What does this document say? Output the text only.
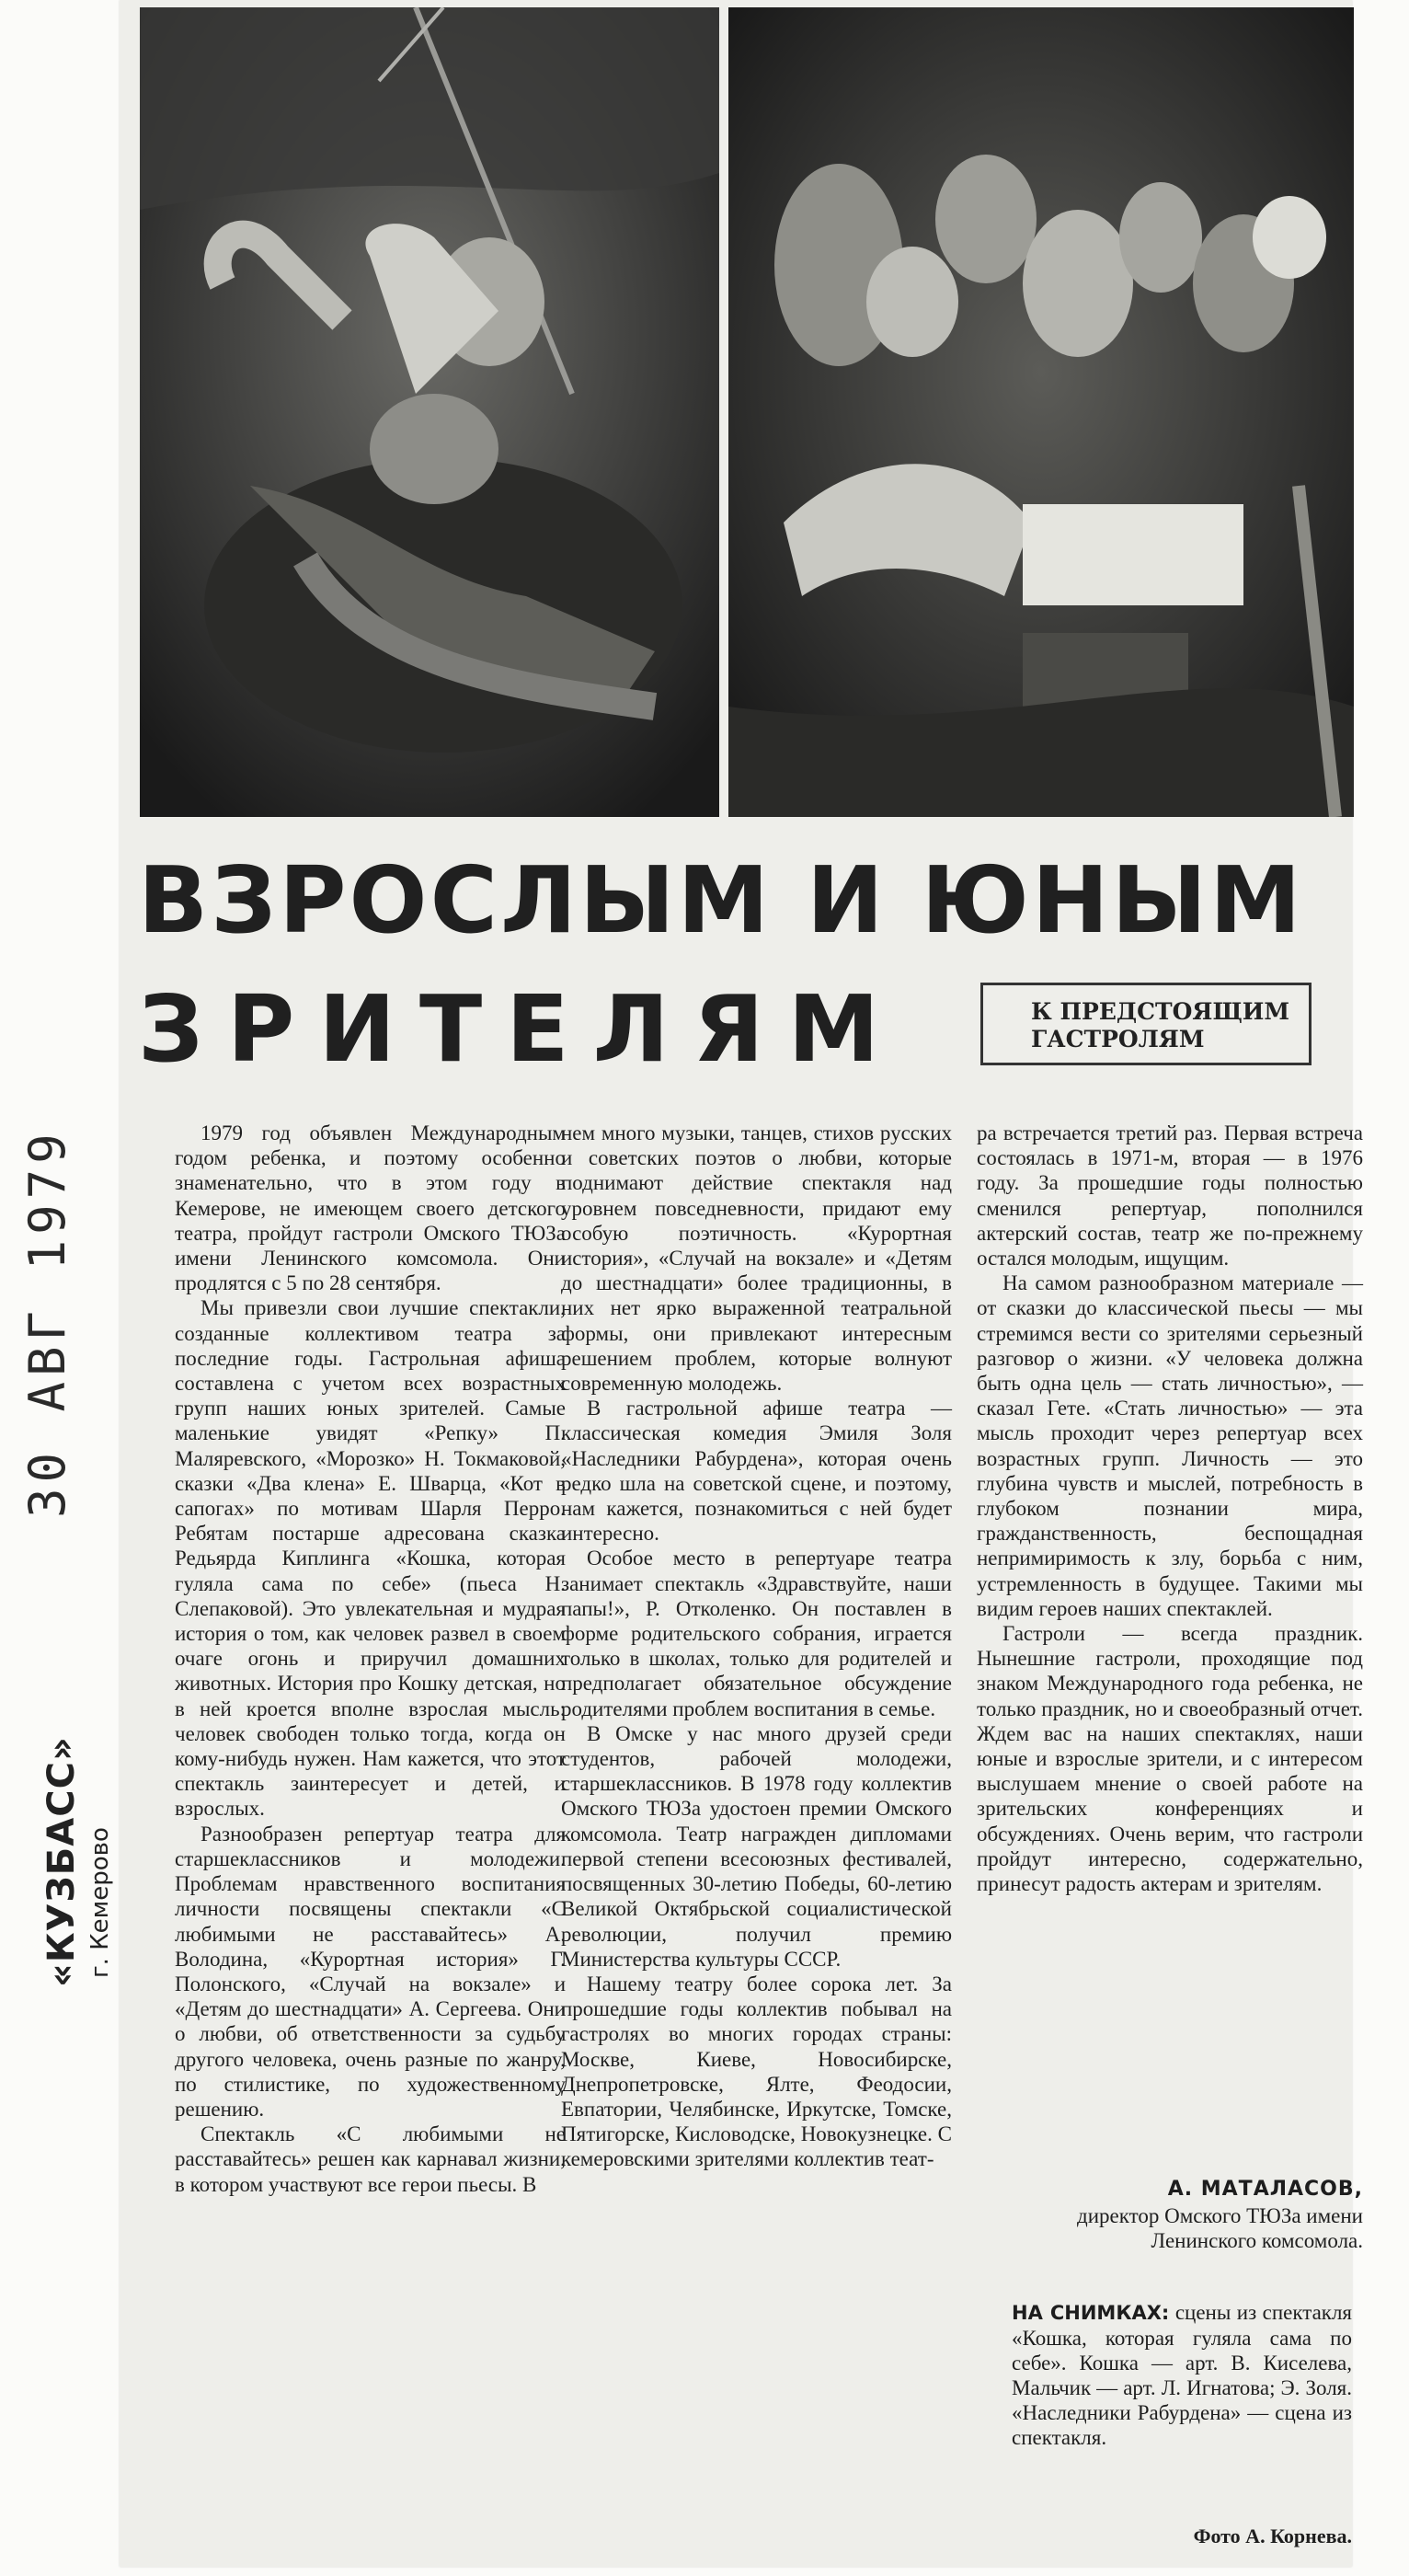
ВЗРОСЛЫМ И ЮНЫМ
ЗРИТЕЛЯМ	К ПРЕДСТОЯЩИМ
ГАСТРОЛЯМ
«КУЗБАСС» г. Кемерово
30 АВГ 1979	1979 год объявлен Международным годом ребенка, и поэтому особенно знаменательно, что в этом году в Кемерове, не имеющем своего детского театра, пройдут гастроли Омского ТЮЗа имени Ленинского комсомола. Они продлятся с 5 по 28 сентября.

Мы привезли свои лучшие спектакли, созданные коллективом театра за последние годы. Гастрольная афиша составлена с учетом всех возрастных групп наших юных зрителей. Самые маленькие увидят «Репку» П. Маляревского, «Морозко» Н. Токмаковой, сказки «Два клена» Е. Шварца, «Кот в сапогах» по мотивам Шарля Перро. Ребятам постарше адресована сказка Редьярда Киплинга «Кошка, которая гуляла сама по себе» (пьеса Н. Слепаковой). Это увлекательная и мудрая история о том, как человек развел в своем очаге огонь и приручил домашних животных. История про Кошку детская, но в ней кроется вполне взрослая мысль: человек свободен только тогда, когда он кому-нибудь нужен. Нам кажется, что этот спектакль заинтересует и детей, и взрослых.

Разнообразен репертуар театра для старшеклассников и молодежи. Проблемам нравственного воспитания личности посвящены спектакли «С любимыми не расставайтесь» А. Володина, «Курортная история» Г. Полонского, «Случай на вокзале» и «Детям до шестнадцати» А. Сергеева. Они о любви, об ответственности за судьбу другого человека, очень разные по жанру, по стилистике, по художественному решению.

Спектакль «С любимыми не расставайтесь» решен как карнавал жизни, в котором участвуют все герои пьесы. В

нем много музыки, танцев, стихов русских и советских поэтов о любви, которые поднимают действие спектакля над уровнем повседневности, придают ему особую поэтичность. «Курортная история», «Случай на вокзале» и «Детям до шестнадцати» более традиционны, в них нет ярко выраженной театральной формы, они привлекают интересным решением проблем, которые волнуют современную молодежь.

В гастрольной афише театра — классическая комедия Эмиля Золя «Наследники Рабурдена», которая очень редко шла на советской сцене, и поэтому, нам кажется, познакомиться с ней будет интересно.

Особое место в репертуаре театра занимает спектакль «Здравствуйте, наши папы!», Р. Отколенко. Он поставлен в форме родительского собрания, играется только в школах, только для родителей и предполагает обязательное обсуждение родителями проблем воспитания в семье.

В Омске у нас много друзей среди студентов, рабочей молодежи, старшеклассников. В 1978 году коллектив Омского ТЮЗа удостоен премии Омского комсомола. Театр награжден дипломами первой степени всесоюзных фестивалей, посвященных 30-летию Победы, 60-летию Великой Октябрьской социалистической революции, получил премию Министерства культуры СССР.

Нашему театру более сорока лет. За прошедшие годы коллектив побывал на гастролях во многих городах страны: Москве, Киеве, Новосибирске, Днепропетровске, Ялте, Феодосии, Евпатории, Челябинске, Иркутске, Томске, Пятигорске, Кисловодске, Новокузнецке. С кемеровскими зрителями коллектив теат-

ра встречается третий раз. Первая встреча состоялась в 1971-м, вторая — в 1976 году. За прошедшие годы полностью сменился репертуар, пополнился актерский состав, театр же по-прежнему остался молодым, ищущим.

На самом разнообразном материале — от сказки до классической пьесы — мы стремимся вести со зрителями серьезный разговор о жизни. «У человека должна быть одна цель — стать личностью», — сказал Гете. «Стать личностью» — эта мысль проходит через репертуар всех возрастных групп. Личность — это глубина чувств и мыслей, потребность в глубоком познании мира, гражданственность, беспощадная непримиримость к злу, борьба с ним, устремленность в будущее. Такими мы видим героев наших спектаклей.

Гастроли — всегда праздник. Нынешние гастроли, проходящие под знаком Международного года ребенка, не только праздник, но и своеобразный отчет. Ждем вас на наших спектаклях, наши юные и взрослые зрители, и с интересом выслушаем мнение о своей работе на зрительских конференциях и обсуждениях. Очень верим, что гастроли пройдут интересно, содержательно, принесут радость актерам и зрителям.

А. МАТАЛАСОВ,
директор Омского ТЮЗа имени Ленинского комсомола.
НА СНИМКАХ: сцены из спектакля «Кошка, которая гуляла сама по себе». Кошка — арт. В. Киселева, Мальчик — арт. Л. Игнатова; Э. Золя. «Наследники Рабурдена» — сцена из спектакля.
Фото А. Корнева.
